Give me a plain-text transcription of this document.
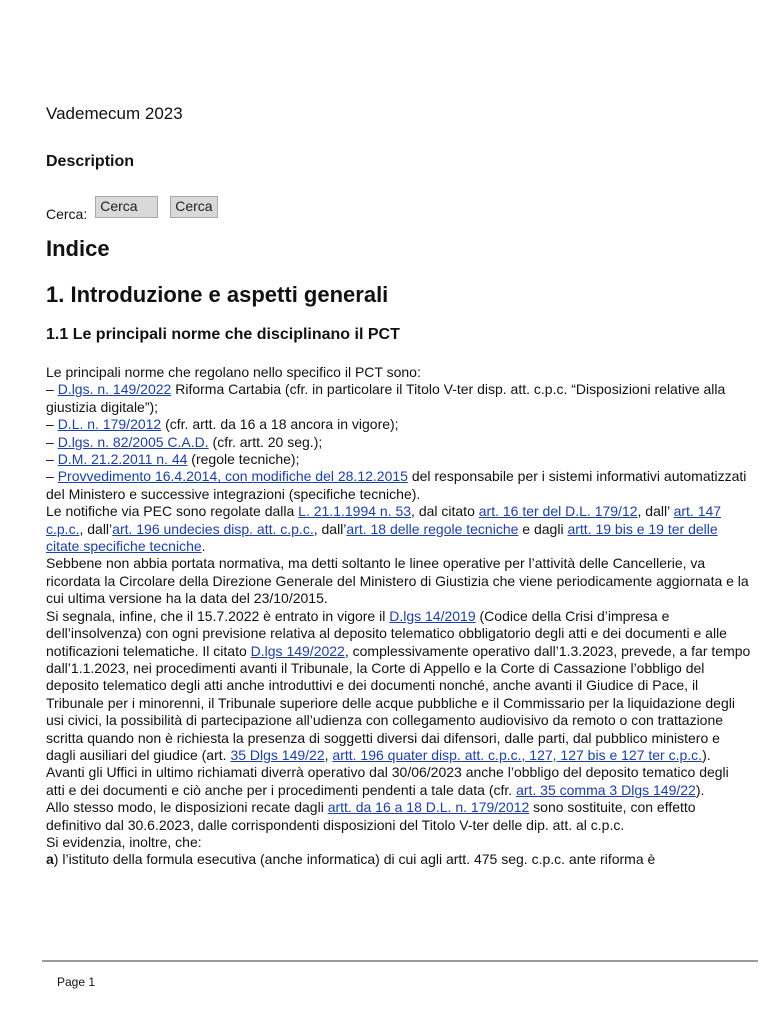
Vademecum 2023
Description
Cerca: Cerca	Cerca
Indice
1. Introduzione e aspetti generali
1.1 Le principali norme che disciplinano il PCT

Le principali norme che regolano nello specifico il PCT sono:
– D.lgs. n. 149/2022 Riforma Cartabia (cfr. in particolare il Titolo V-ter disp. att. c.p.c. “Disposizioni relative alla giustizia digitale”);
– D.L. n. 179/2012 (cfr. artt. da 16 a 18 ancora in vigore);
– D.lgs. n. 82/2005 C.A.D. (cfr. artt. 20 seg.);
– D.M. 21.2.2011 n. 44 (regole tecniche);
– Provvedimento 16.4.2014, con modifiche del 28.12.2015 del responsabile per i sistemi informativi automatizzati del Ministero e successive integrazioni (specifiche tecniche).

Le notifiche via PEC sono regolate dalla L. 21.1.1994 n. 53, dal citato art. 16 ter del D.L. 179/12, dall’ art. 147 c.p.c., dall’art. 196 undecies disp. att. c.p.c., dall’art. 18 delle regole tecniche e dagli artt. 19 bis e 19 ter delle citate specifiche tecniche.

Sebbene non abbia portata normativa, ma detti soltanto le linee operative per l’attività delle Cancellerie, va ricordata la Circolare della Direzione Generale del Ministero di Giustizia che viene periodicamente aggiornata e la cui ultima versione ha la data del 23/10/2015.

Si segnala, infine, che il 15.7.2022 è entrato in vigore il D.lgs 14/2019 (Codice della Crisi d’impresa e dell’insolvenza) con ogni previsione relativa al deposito telematico obbligatorio degli atti e dei documenti e alle notificazioni telematiche. Il citato D.lgs 149/2022, complessivamente operativo dall’1.3.2023, prevede, a far tempo dall’1.1.2023, nei procedimenti avanti il Tribunale, la Corte di Appello e la Corte di Cassazione l’obbligo del deposito telematico degli atti anche introduttivi e dei documenti nonché, anche avanti il Giudice di Pace, il Tribunale per i minorenni, il Tribunale superiore delle acque pubbliche e il Commissario per la liquidazione degli usi civici, la possibilità di partecipazione all’udienza con collegamento audiovisivo da remoto o con trattazione scritta quando non è richiesta la presenza di soggetti diversi dai difensori, dalle parti, dal pubblico ministero e dagli ausiliari del giudice (art. 35 Dlgs 149/22, artt. 196 quater disp. att. c.p.c., 127, 127 bis e 127 ter c.p.c.).

Avanti gli Uffici in ultimo richiamati diverrà operativo dal 30/06/2023 anche l’obbligo del deposito tematico degli atti e dei documenti e ciò anche per i procedimenti pendenti a tale data (cfr. art. 35 comma 3 Dlgs 149/22).

Allo stesso modo, le disposizioni recate dagli artt. da 16 a 18 D.L. n. 179/2012 sono sostituite, con effetto definitivo dal 30.6.2023, dalle corrispondenti disposizioni del Titolo V-ter delle dip. att. al c.p.c.

Si evidenzia, inoltre, che:

a) l’istituto della formula esecutiva (anche informatica) di cui agli artt. 475 seg. c.p.c. ante riforma è

Page 1
